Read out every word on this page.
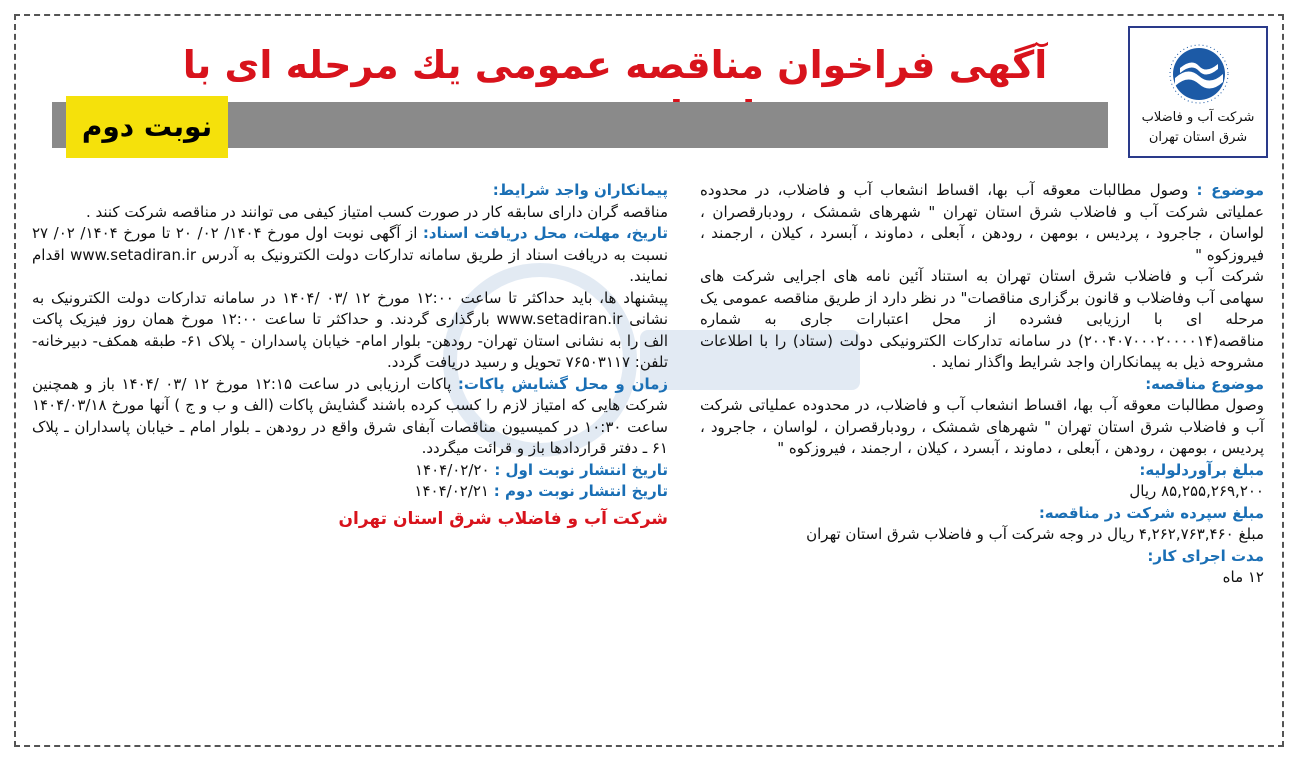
شرکت آب و فاضلاب
شرق استان تهران
آگهی فراخوان مناقصه عمومی یك مرحله ای با
نوبت دوم

موضوع : وصول مطالبات معوقه آب بها، اقساط انشعاب آب و فاضلاب، در محدوده عملیاتی شرکت آب و فاضلاب شرق استان تهران " شهرهای شمشک ، رودبارقصران ، لواسان ، جاجرود ، پردیس ، بومهن ، رودهن ، آبعلی ، دماوند ، آبسرد ، کیلان ، ارجمند ، فیروزکوه "

شرکت آب و فاضلاب شرق استان تهران به استناد آئین نامه های اجرایی شرکت های سهامی آب وفاضلاب و قانون برگزاری مناقصات" در نظر دارد از طریق مناقصه عمومی یک مرحله ای با ارزیابی فشرده از محل اعتبارات جاری به شماره مناقصه(۲۰۰۴۰۷۰۰۰۲۰۰۰۰۱۴) در سامانه تدارکات الکترونیکی دولت (ستاد) را با اطلاعات مشروحه ذیل به پیمانکاران واجد شرایط واگذار نماید .

موضوع مناقصه:

وصول مطالبات معوقه آب بها، اقساط انشعاب آب و فاضلاب، در محدوده عملیاتی شرکت آب و فاضلاب شرق استان تهران " شهرهای شمشک ، رودبارقصران ، لواسان ، جاجرود ، پردیس ، بومهن ، رودهن ، آبعلی ، دماوند ، آبسرد ، کیلان ، ارجمند ، فیروزکوه "

مبلغ برآوردلولیه:

۸۵,۲۵۵,۲۶۹,۲۰۰ ریال

مبلغ سپرده شرکت در مناقصه:

مبلغ ۴,۲۶۲,۷۶۳,۴۶۰ ریال در وجه شرکت آب و فاضلاب شرق استان تهران

مدت اجرای کار:

۱۲ ماه

پیمانکاران واجد شرایط:

مناقصه گران دارای سابقه کار در صورت کسب امتیاز کیفی می توانند در مناقصه شرکت کنند .

تاریخ، مهلت، محل دریافت اسناد: از آگهی نوبت اول مورخ ۱۴۰۴/ ۰۲/ ۲۰ تا مورخ ۱۴۰۴/ ۰۲/ ۲۷ نسبت به دریافت اسناد از طریق سامانه تدارکات دولت الکترونیک به آدرس www.setadiran.ir اقدام نمایند.

پیشنهاد ها، باید حداکثر تا ساعت ۱۲:۰۰ مورخ ۱۲ /۰۳ /۱۴۰۴ در سامانه تدارکات دولت الکترونیک به نشانی www.setadiran.ir بارگذاری گردند. و حداکثر تا ساعت ۱۲:۰۰ مورخ همان روز فیزیک پاکت الف را به نشانی استان تهران- رودهن- بلوار امام- خیابان پاسداران - پلاک ۶۱- طبقه همکف- دبیرخانه- تلفن: ۷۶۵۰۳۱۱۷ تحویل و رسید دریافت گردد.

زمان و محل گشایش پاکات: پاکات ارزیابی در ساعت ۱۲:۱۵ مورخ ۱۲ /۰۳ /۱۴۰۴ باز و همچنین شرکت هایی که امتیاز لازم را کسب کرده باشند گشایش پاکات (الف و ب و ج ) آنها مورخ ۱۴۰۴/۰۳/۱۸ ساعت ۱۰:۳۰ در کمیسیون مناقصات آبفای شرق واقع در رودهن ـ بلوار امام ـ خیابان پاسداران ـ پلاک ۶۱ ـ دفتر قراردادها باز و قرائت میگردد.

تاریخ انتشار نوبت اول : ۱۴۰۴/۰۲/۲۰

تاریخ انتشار نوبت دوم : ۱۴۰۴/۰۲/۲۱

شرکت آب و فاضلاب شرق استان تهران
